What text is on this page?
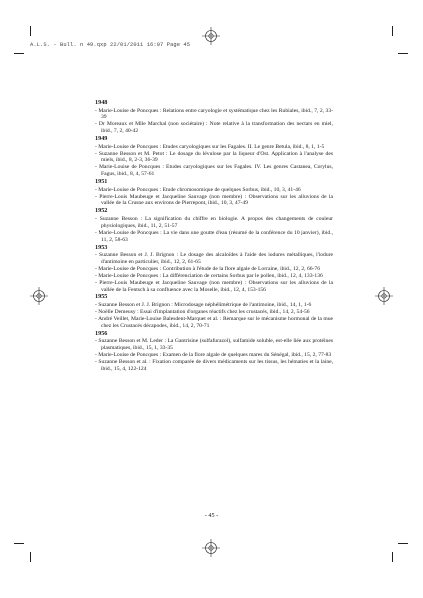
A.L.S. - Bull. n 49.qxp 22/01/2011 16:07 Page 45
1948
- Marie-Louise de Poncques : Relations entre caryologie et systématique chez les Rubiales, ibid., 7, 2, 33-39
- Dr Moreaux et Mlle Marchal (non sociétaire) : Note relative à la transformation des nectars en miel, ibid., 7, 2, 40-42
1949
- Marie-Louise de Poncques : Etudes caryologiques sur les Fagales. II. Le genre Betula, ibid., 8, 1, 1-5
- Suzanne Besson et M. Petot : Le dosage du lévulose par la liqueur d'Ost. Application à l'analyse des miels, ibid., 8, 2-3, 36-39
- Marie-Louise de Poncques : Etudes caryologiques sur les Fagales. IV. Les genres Castanea, Corylus, Fagus, ibid., 8, 4, 57-61
1951
- Marie-Louise de Poncques : Etude chromosomique de quelques Sorbus, ibid., 10, 3, 41-46
- Pierre-Louis Maubeuge et Jacqueline Sauvage (non membre) : Observations sur les alluvions de la vallée de la Crusne aux environs de Pierrepont, ibid., 10, 3, 47-49
1952
- Suzanne Besson : La signification du chiffre en biologie. A propos des changements de couleur physiologiques, ibid., 11, 2, 51-57
- Marie-Louise de Poncques : La vie dans une goutte d'eau (résumé de la conférence du 10 janvier), ibid., 11, 2, 58-63
1953
- Suzanne Besson et J. J. Brignon : Le dosage des alcaloïdes à l'aide des iodures métalliques, l'iodure d'antimoine en particulier, ibid., 12, 2, 61-65
- Marie-Louise de Poncques : Contribution à l'étude de la flore algale de Lorraine, ibid., 12, 2, 66-76
- Marie-Louise de Poncques : La différenciation de certains Sorbus par le pollen, ibid., 12, 4, 133-136
- Pierre-Louis Maubeuge et Jacqueline Sauvage (non membre) : Observations sur les alluvions de la vallée de la Fentsch à sa confluence avec la Moselle, ibid., 12, 4, 153-156
1955
- Suzanne Besson et J. J. Brignon : Microdosage néphélimétrique de l'antimoine, ibid., 14, 1, 1-6
- Noëlle Demeusy : Essai d'implantation d'organes réactifs chez les crustacés, ibid., 14, 2, 54-56
- André Veillet, Marie-Louise Balesdent-Marquet et al. : Remarque sur le mécanisme hormonal de la mue chez les Crustacés décapodes, ibid., 14, 2, 70-71
1956
- Suzanne Besson et M. Leder : La Gantrisine (sulfafurazol), sulfamide soluble, est-elle liée aux protéines plasmatiques, ibid., 15, 1, 33-35
- Marie-Louise de Poncques : Examen de la flore algale de quelques mares du Sénégal, ibid., 15, 2, 77-83
- Suzanne Besson et al. : Fixation comparée de divers médicaments sur les tissus, les hématies et la laine, ibid., 15, 4, 122-124
- 45 -
